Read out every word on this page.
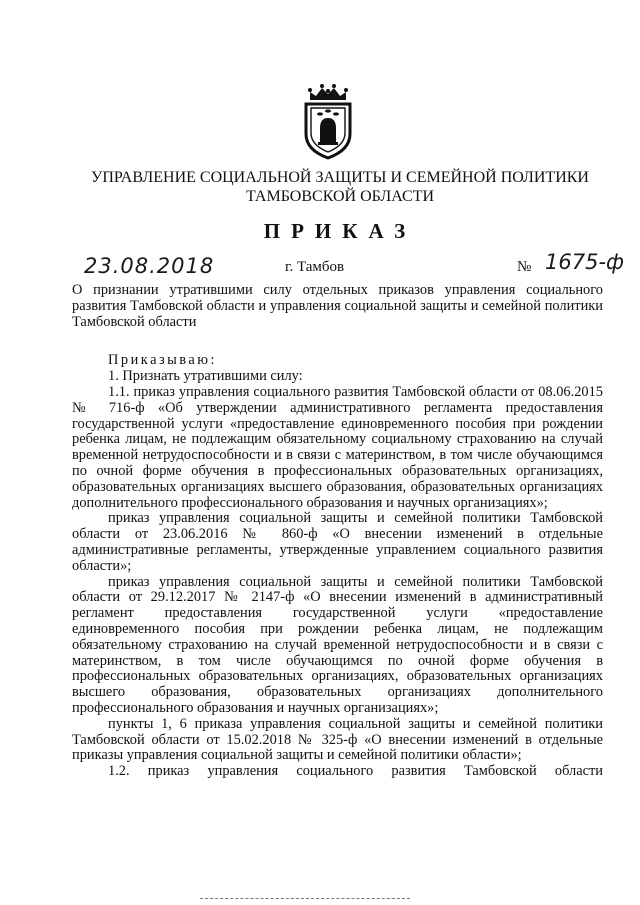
УПРАВЛЕНИЕ СОЦИАЛЬНОЙ ЗАЩИТЫ И СЕМЕЙНОЙ ПОЛИТИКИ
ТАМБОВСКОЙ ОБЛАСТИ
ПРИКАЗ
23.08.2018	г. Тамбов	№ 1675-ф

О признании утратившими силу отдельных приказов управления социального развития Тамбовской области и управления социальной защиты и семейной политики Тамбовской области

Приказываю:

1. Признать утратившими силу:

1.1. приказ управления социального развития Тамбовской области от 08.06.2015 № 716-ф «Об утверждении административного регламента предоставления государственной услуги «предоставление единовременного пособия при рождении ребенка лицам, не подлежащим обязательному социальному страхованию на случай временной нетрудоспособности и в связи с материнством, в том числе обучающимся по очной форме обучения в профессиональных образовательных организациях, образовательных организациях высшего образования, образовательных организациях дополнительного профессионального образования и научных организациях»;

приказ управления социальной защиты и семейной политики Тамбовской области от 23.06.2016 № 860-ф «О внесении изменений в отдельные административные регламенты, утвержденные управлением социального развития области»;

приказ управления социальной защиты и семейной политики Тамбовской области от 29.12.2017 № 2147-ф «О внесении изменений в административный регламент предоставления государственной услуги «предоставление единовременного пособия при рождении ребенка лицам, не подлежащим обязательному страхованию на случай временной нетрудоспособности и в связи с материнством, в том числе обучающимся по очной форме обучения в профессиональных образовательных организациях, образовательных организациях высшего образования, образовательных организациях дополнительного профессионального образования и научных организациях»;

пункты 1, 6 приказа управления социальной защиты и семейной политики Тамбовской области от 15.02.2018 № 325-ф «О внесении изменений в отдельные приказы управления социальной защиты и семейной политики области»;

1.2. приказ управления социального развития Тамбовской области
